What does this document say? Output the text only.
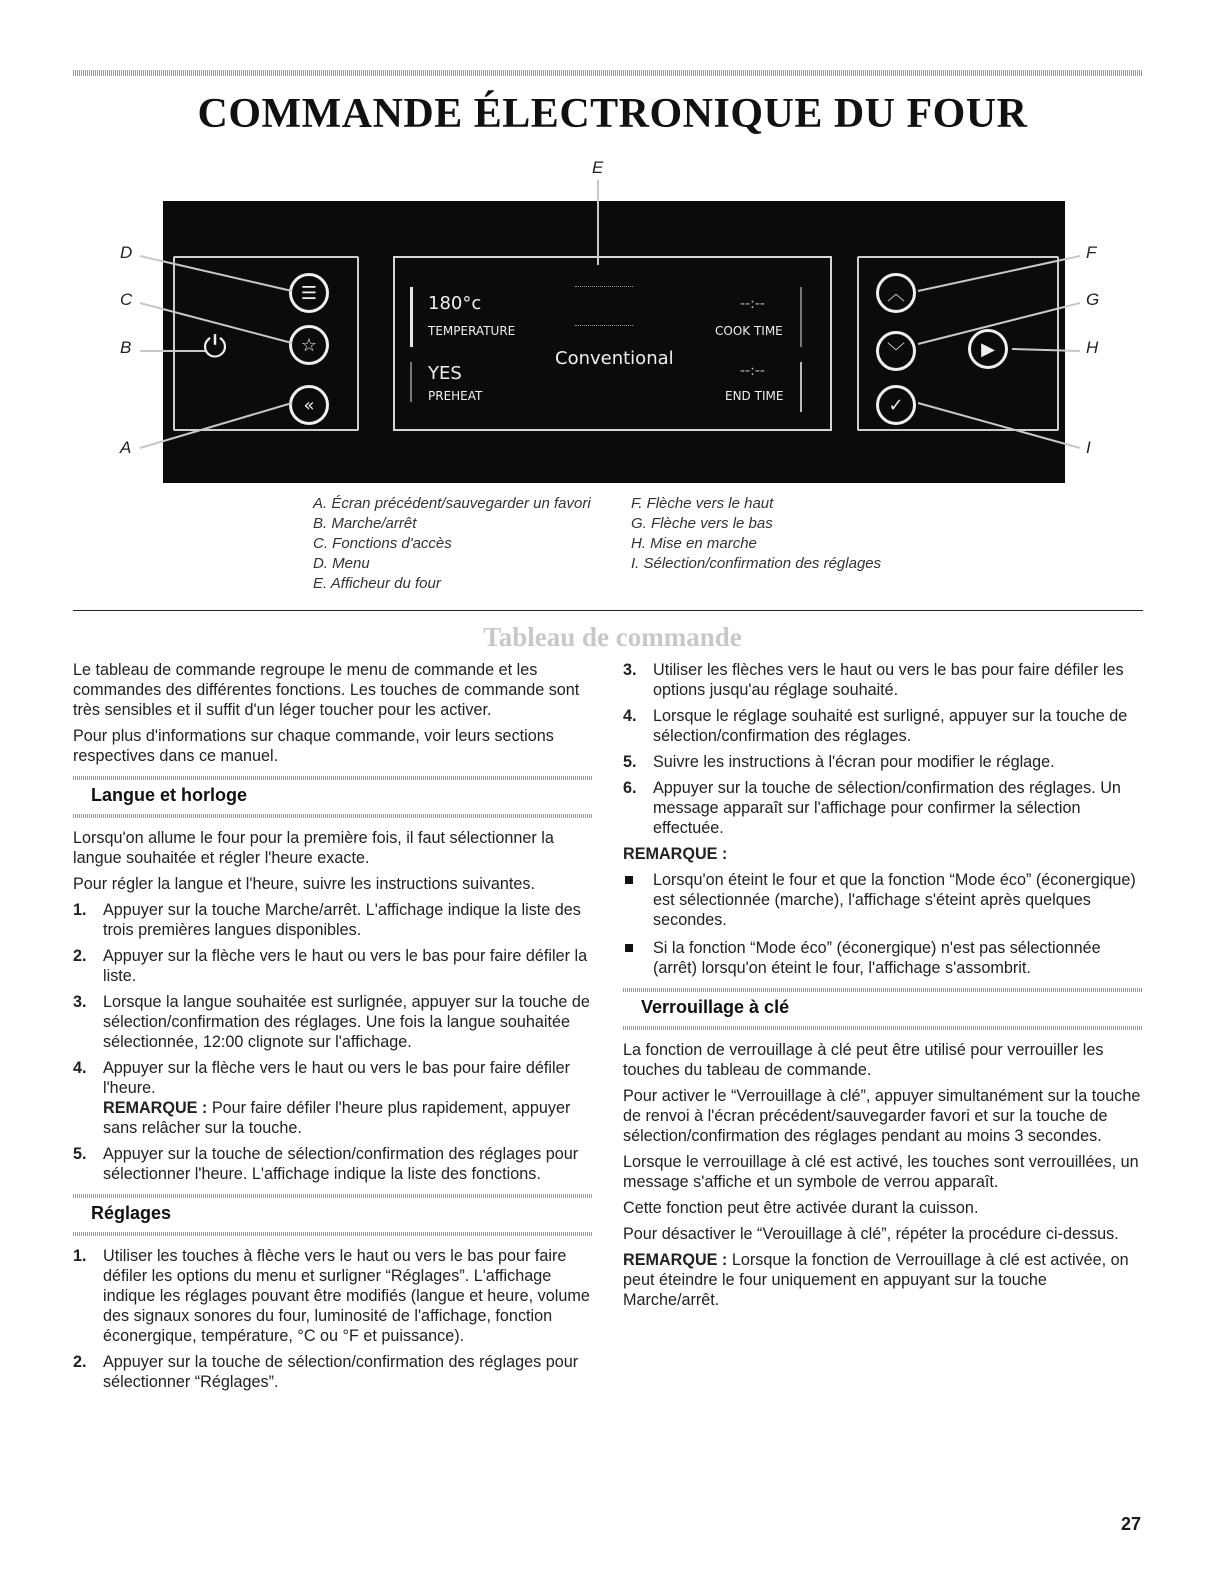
COMMANDE ÉLECTRONIQUE DU FOUR
E
D
C
B
A
F
G
H
I
☰
☆
«
⏻
︿
﹀
✓
▶
180°c
TEMPERATURE
YES
PREHEAT
Conventional
--:--
COOK TIME
--:--
END TIME
A. Écran précédent/sauvegarder un favori
B. Marche/arrêt
C. Fonctions d'accès
D. Menu
E. Afficheur du four
F. Flèche vers le haut
G. Flèche vers le bas
H. Mise en marche
I. Sélection/confirmation des réglages
Tableau de commande

Le tableau de commande regroupe le menu de commande et les commandes des différentes fonctions. Les touches de commande sont très sensibles et il suffit d'un léger toucher pour les activer.

Pour plus d'informations sur chaque commande, voir leurs sections respectives dans ce manuel.

Langue et horloge

Lorsqu'on allume le four pour la première fois, il faut sélectionner la langue souhaitée et régler l'heure exacte.

Pour régler la langue et l'heure, suivre les instructions suivantes.

1. Appuyer sur la touche Marche/arrêt. L'affichage indique la liste des trois premières langues disponibles.
2. Appuyer sur la flèche vers le haut ou vers le bas pour faire défiler la liste.
3. Lorsque la langue souhaitée est surlignée, appuyer sur la touche de sélection/confirmation des réglages. Une fois la langue souhaitée sélectionnée, 12:00 clignote sur l'affichage.
4. Appuyer sur la flèche vers le haut ou vers le bas pour faire défiler l'heure.
REMARQUE : Pour faire défiler l'heure plus rapidement, appuyer sans relâcher sur la touche.
5. Appuyer sur la touche de sélection/confirmation des réglages pour sélectionner l'heure. L'affichage indique la liste des fonctions.
Réglages
1. Utiliser les touches à flèche vers le haut ou vers le bas pour faire défiler les options du menu et surligner “Réglages”. L'affichage indique les réglages pouvant être modifiés (langue et heure, volume des signaux sonores du four, luminosité de l'affichage, fonction éconergique, température, °C ou °F et puissance).
2. Appuyer sur la touche de sélection/confirmation des réglages pour sélectionner “Réglages”.
3. Utiliser les flèches vers le haut ou vers le bas pour faire défiler les options jusqu'au réglage souhaité.
4. Lorsque le réglage souhaité est surligné, appuyer sur la touche de sélection/confirmation des réglages.
5. Suivre les instructions à l'écran pour modifier le réglage.
6. Appuyer sur la touche de sélection/confirmation des réglages. Un message apparaît sur l'affichage pour confirmer la sélection effectuée.

REMARQUE :

Lorsqu'on éteint le four et que la fonction “Mode éco” (éconergique) est sélectionnée (marche), l'affichage s'éteint après quelques secondes.
Si la fonction “Mode éco” (éconergique) n'est pas sélectionnée (arrêt) lorsqu'on éteint le four, l'affichage s'assombrit.
Verrouillage à clé

La fonction de verrouillage à clé peut être utilisé pour verrouiller les touches du tableau de commande.

Pour activer le “Verrouillage à clé”, appuyer simultanément sur la touche de renvoi à l'écran précédent/sauvegarder favori et sur la touche de sélection/confirmation des réglages pendant au moins 3 secondes.

Lorsque le verrouillage à clé est activé, les touches sont verrouillées, un message s'affiche et un symbole de verrou apparaît.

Cette fonction peut être activée durant la cuisson.

Pour désactiver le “Verouillage à clé”, répéter la procédure ci-dessus.

REMARQUE : Lorsque la fonction de Verrouillage à clé est activée, on peut éteindre le four uniquement en appuyant sur la touche Marche/arrêt.

27
